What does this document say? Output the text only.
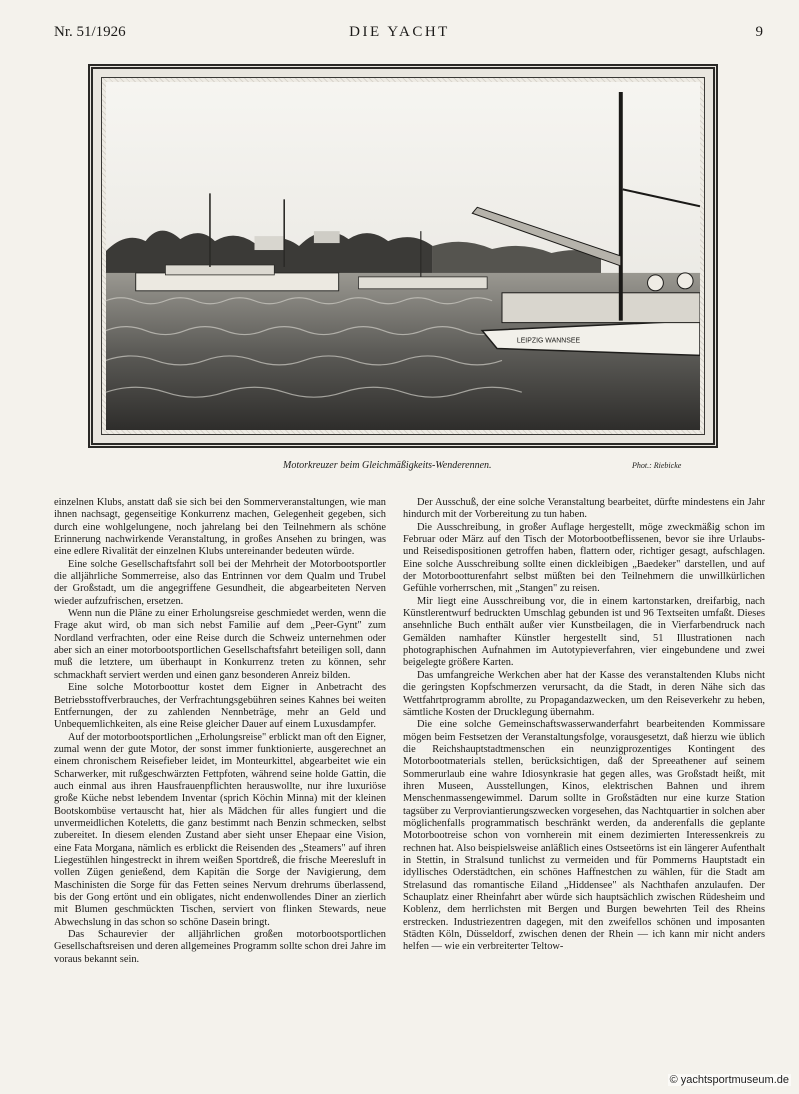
Nr. 51/1926	DIE YACHT	9
LEIPZIG WANNSEE
Motorkreuzer beim Gleichmäßigkeits-Wenderennen.	Phot.: Riebicke

einzelnen Klubs, anstatt daß sie sich bei den Sommerveranstaltungen, wie man ihnen nachsagt, gegenseitige Konkurrenz machen, Gelegenheit gegeben, sich durch eine wohlgelungene, noch jahrelang bei den Teilnehmern als schöne Erinnerung nachwirkende Veranstaltung, in großes Ansehen zu bringen, was eine edlere Rivalität der einzelnen Klubs untereinander bedeuten würde.

Eine solche Gesellschaftsfahrt soll bei der Mehrheit der Motorbootsportler die alljährliche Sommerreise, also das Entrinnen vor dem Qualm und Trubel der Großstadt, um die angegriffene Gesundheit, die abgearbeiteten Nerven wieder aufzufrischen, ersetzen.

Wenn nun die Pläne zu einer Erholungsreise geschmiedet werden, wenn die Frage akut wird, ob man sich nebst Familie auf dem „Peer-Gynt" zum Nordland verfrachten, oder eine Reise durch die Schweiz unternehmen oder aber sich an einer motorbootsportlichen Gesellschaftsfahrt beteiligen soll, dann muß die letztere, um überhaupt in Konkurrenz treten zu können, sehr schmackhaft serviert werden und einen ganz besonderen Anreiz bilden.

Eine solche Motorboottur kostet dem Eigner in Anbetracht des Betriebsstoffverbrauches, der Verfrachtungsgebühren seines Kahnes bei weiten Entfernungen, der zu zahlenden Nennbeträge, mehr an Geld und Unbequemlichkeiten, als eine Reise gleicher Dauer auf einem Luxusdampfer.

Auf der motorbootsportlichen „Erholungsreise" erblickt man oft den Eigner, zumal wenn der gute Motor, der sonst immer funktionierte, ausgerechnet an einem chronischem Reisefieber leidet, im Monteurkittel, abgearbeitet wie ein Scharwerker, mit rußgeschwärzten Fettpfoten, während seine holde Gattin, die auch einmal aus ihren Hausfrauenpflichten herauswollte, nur ihre luxuriöse große Küche nebst lebendem Inventar (sprich Köchin Minna) mit der kleinen Bootskombüse vertauscht hat, hier als Mädchen für alles fungiert und die unvermeidlichen Koteletts, die ganz bestimmt nach Benzin schmecken, selbst zubereitet. In diesem elenden Zustand aber sieht unser Ehepaar eine Vision, eine Fata Morgana, nämlich es erblickt die Reisenden des „Steamers" auf ihren Liegestühlen hingestreckt in ihrem weißen Sportdreß, die frische Meeresluft in vollen Zügen genießend, dem Kapitän die Sorge der Navigierung, dem Maschinisten die Sorge für das Fetten seines Nervum drehrums überlassend, bis der Gong ertönt und ein obligates, nicht endenwollendes Diner an zierlich mit Blumen geschmückten Tischen, serviert von flinken Stewards, neue Abwechslung in das schon so schöne Dasein bringt.

Das Schaurevier der alljährlichen großen motorbootsportlichen Gesellschaftsreisen und deren allgemeines Programm sollte schon drei Jahre im voraus bekannt sein.

Der Ausschuß, der eine solche Veranstaltung bearbeitet, dürfte mindestens ein Jahr hindurch mit der Vorbereitung zu tun haben.

Die Ausschreibung, in großer Auflage hergestellt, möge zweckmäßig schon im Februar oder März auf den Tisch der Motorbootbeflissenen, bevor sie ihre Urlaubs- und Reisedispositionen getroffen haben, flattern oder, richtiger gesagt, aufschlagen. Eine solche Ausschreibung sollte einen dickleibigen „Baedeker" darstellen, und auf der Motorbootturenfahrt selbst müßten bei den Teilnehmern die unwillkürlichen Gefühle vorherrschen, mit „Stangen" zu reisen.

Mir liegt eine Ausschreibung vor, die in einem kartonstarken, dreifarbig, nach Künstlerentwurf bedruckten Umschlag gebunden ist und 96 Textseiten umfaßt. Dieses ansehnliche Buch enthält außer vier Kunstbeilagen, die in Vierfarbendruck nach Gemälden namhafter Künstler hergestellt sind, 51 Illustrationen nach photographischen Aufnahmen im Autotypieverfahren, vier eingebundene und zwei beigelegte größere Karten.

Das umfangreiche Werkchen aber hat der Kasse des veranstaltenden Klubs nicht die geringsten Kopfschmerzen verursacht, da die Stadt, in deren Nähe sich das Wettfahrtprogramm abrollte, zu Propagandazwecken, um den Reiseverkehr zu heben, sämtliche Kosten der Drucklegung übernahm.

Die eine solche Gemeinschaftswasserwanderfahrt bearbeitenden Kommissare mögen beim Festsetzen der Veranstaltungsfolge, vorausgesetzt, daß hierzu wie üblich die Reichshauptstadtmenschen ein neunzigprozentiges Kontingent des Motorbootmaterials stellen, berücksichtigen, daß der Spreeathener auf seinem Sommerurlaub eine wahre Idiosynkrasie hat gegen alles, was Großstadt heißt, mit ihren Museen, Ausstellungen, Kinos, elektrischen Bahnen und ihrem Menschenmassengewimmel. Darum sollte in Großstädten nur eine kurze Station tagsüber zu Verproviantierungszwecken vorgesehen, das Nachtquartier in solchen aber möglichenfalls programmatisch beschränkt werden, da anderenfalls die geplante Motorbootreise schon von vornherein mit einem dezimierten Interessenkreis zu rechnen hat. Also beispielsweise anläßlich eines Ostseetörns ist ein längerer Aufenthalt in Stettin, in Stralsund tunlichst zu vermeiden und für Pommerns Hauptstadt ein idyllisches Oderstädtchen, ein schönes Haffnestchen zu wählen, für die Stadt am Strelasund das romantische Eiland „Hiddensee" als Nachthafen anzulaufen. Der Schauplatz einer Rheinfahrt aber würde sich hauptsächlich zwischen Rüdesheim und Koblenz, dem herrlichsten mit Bergen und Burgen bewehrten Teil des Rheins erstrecken. Industriezentren dagegen, mit den zweifellos schönen und imposanten Städten Köln, Düsseldorf, zwischen denen der Rhein — ich kann mir nicht anders helfen — wie ein verbreiterter Teltow-

© yachtsportmuseum.de
